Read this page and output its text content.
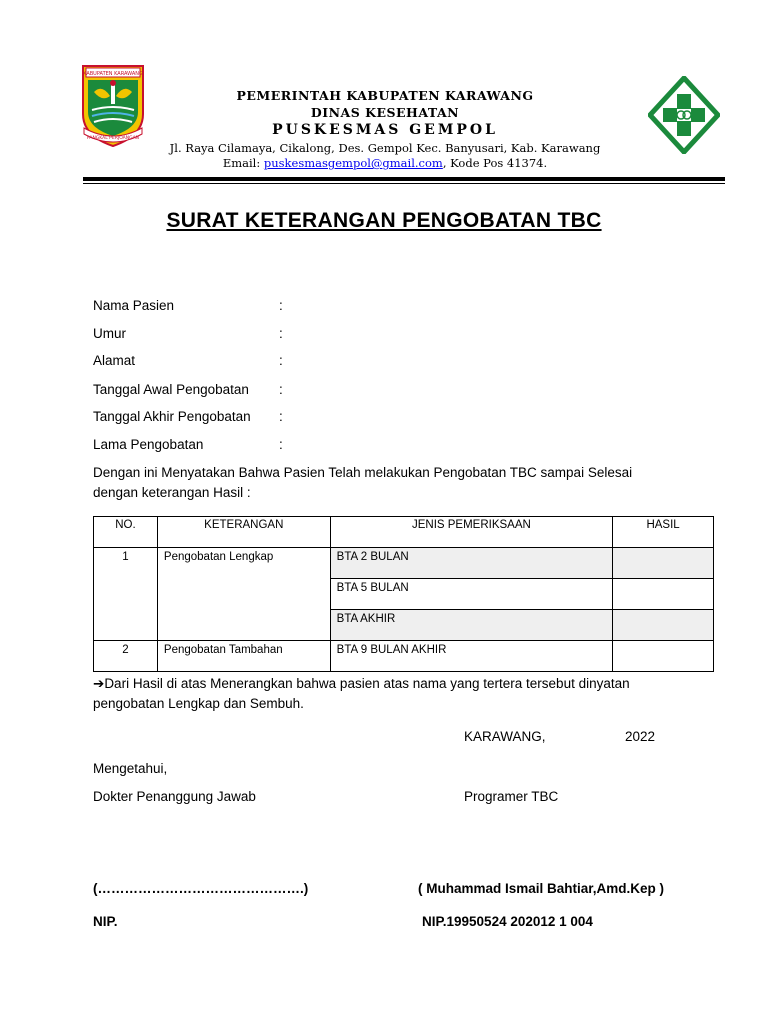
KABUPATEN KARAWANG
PANGKAL PERJOANGAN
PEMERINTAH KABUPATEN KARAWANG
DINAS KESEHATAN
PUSKESMAS GEMPOL
Jl. Raya Cilamaya, Cikalong, Des. Gempol Kec. Banyusari, Kab. Karawang
Email: puskesmasgempol@gmail.com, Kode Pos 41374.
SURAT KETERANGAN PENGOBATAN TBC
Nama Pasien	:
Umur	:
Alamat	:
Tanggal Awal Pengobatan :
Tanggal Akhir Pengobatan :
Lama Pengobatan	:
Dengan ini Menyatakan Bahwa Pasien Telah melakukan Pengobatan TBC sampai Selesai
dengan keterangan Hasil :
NO.	KETERANGAN	JENIS PEMERIKSAAN	HASIL
1	Pengobatan Lengkap	BTA 2 BULAN	
		BTA 5 BULAN	
		BTA AKHIR	
2	Pengobatan Tambahan	BTA 9 BULAN AKHIR	
➔Dari Hasil di atas Menerangkan bahwa pasien atas nama yang tertera tersebut dinyatan
pengobatan Lengkap dan Sembuh.
KARAWANG,	2022
Mengetahui,
Dokter Penanggung Jawab	Programer TBC
(……………………………………….)	( Muhammad Ismail Bahtiar,Amd.Kep )
NIP.	NIP.19950524 202012 1 004
